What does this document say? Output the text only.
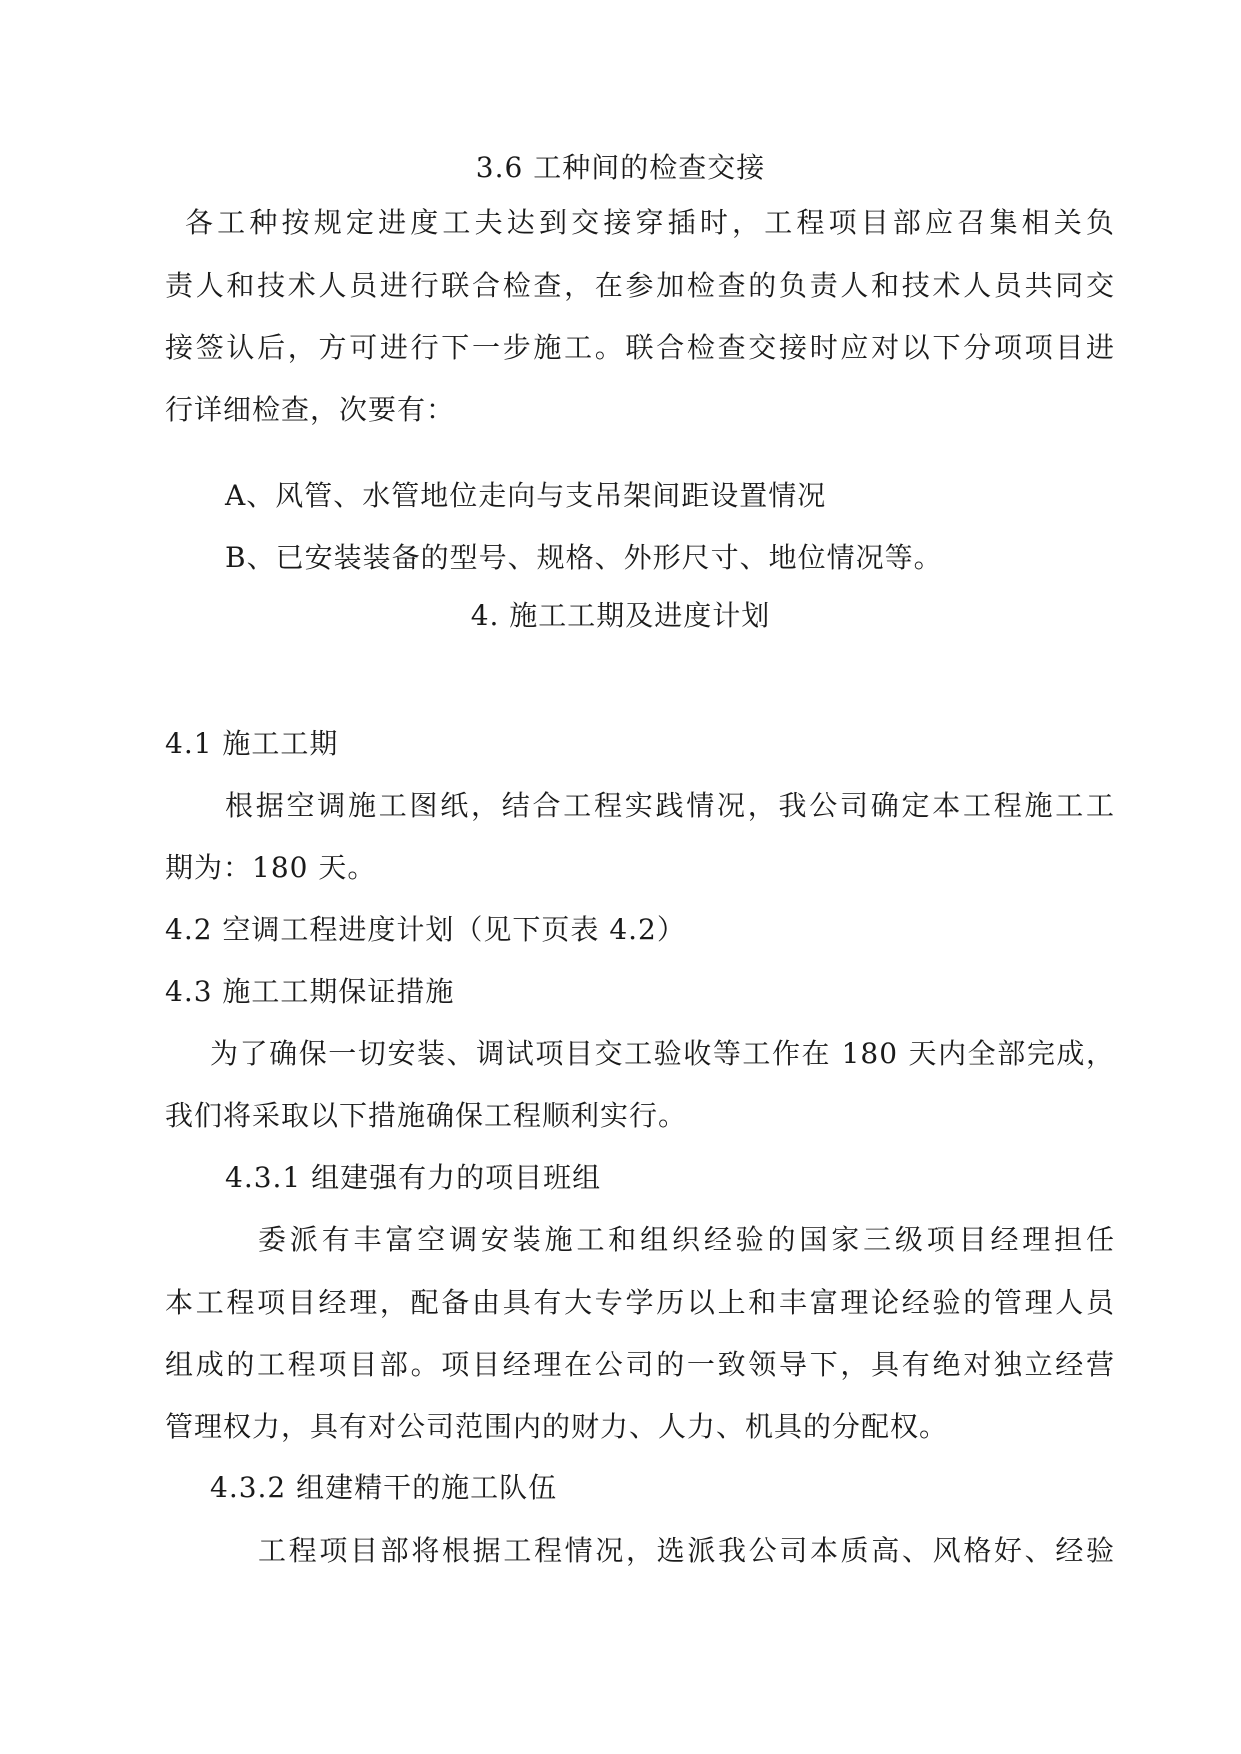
3.6 工种间的检查交接
各工种按规定进度工夫达到交接穿插时，工程项目部应召集相关负
责人和技术人员进行联合检查，在参加检查的负责人和技术人员共同交
接签认后，方可进行下一步施工。联合检查交接时应对以下分项项目进
行详细检查，次要有：
A、风管、水管地位走向与支吊架间距设置情况
B、已安装装备的型号、规格、外形尺寸、地位情况等。
4. 施工工期及进度计划
4.1 施工工期
根据空调施工图纸，结合工程实践情况，我公司确定本工程施工工
期为：180 天。
4.2 空调工程进度计划（见下页表 4.2）
4.3 施工工期保证措施
为了确保一切安装、调试项目交工验收等工作在 180 天内全部完成，
我们将采取以下措施确保工程顺利实行。
4.3.1 组建强有力的项目班组
委派有丰富空调安装施工和组织经验的国家三级项目经理担任
本工程项目经理，配备由具有大专学历以上和丰富理论经验的管理人员
组成的工程项目部。项目经理在公司的一致领导下，具有绝对独立经营
管理权力，具有对公司范围内的财力、人力、机具的分配权。
4.3.2 组建精干的施工队伍
工程项目部将根据工程情况，选派我公司本质高、风格好、经验
